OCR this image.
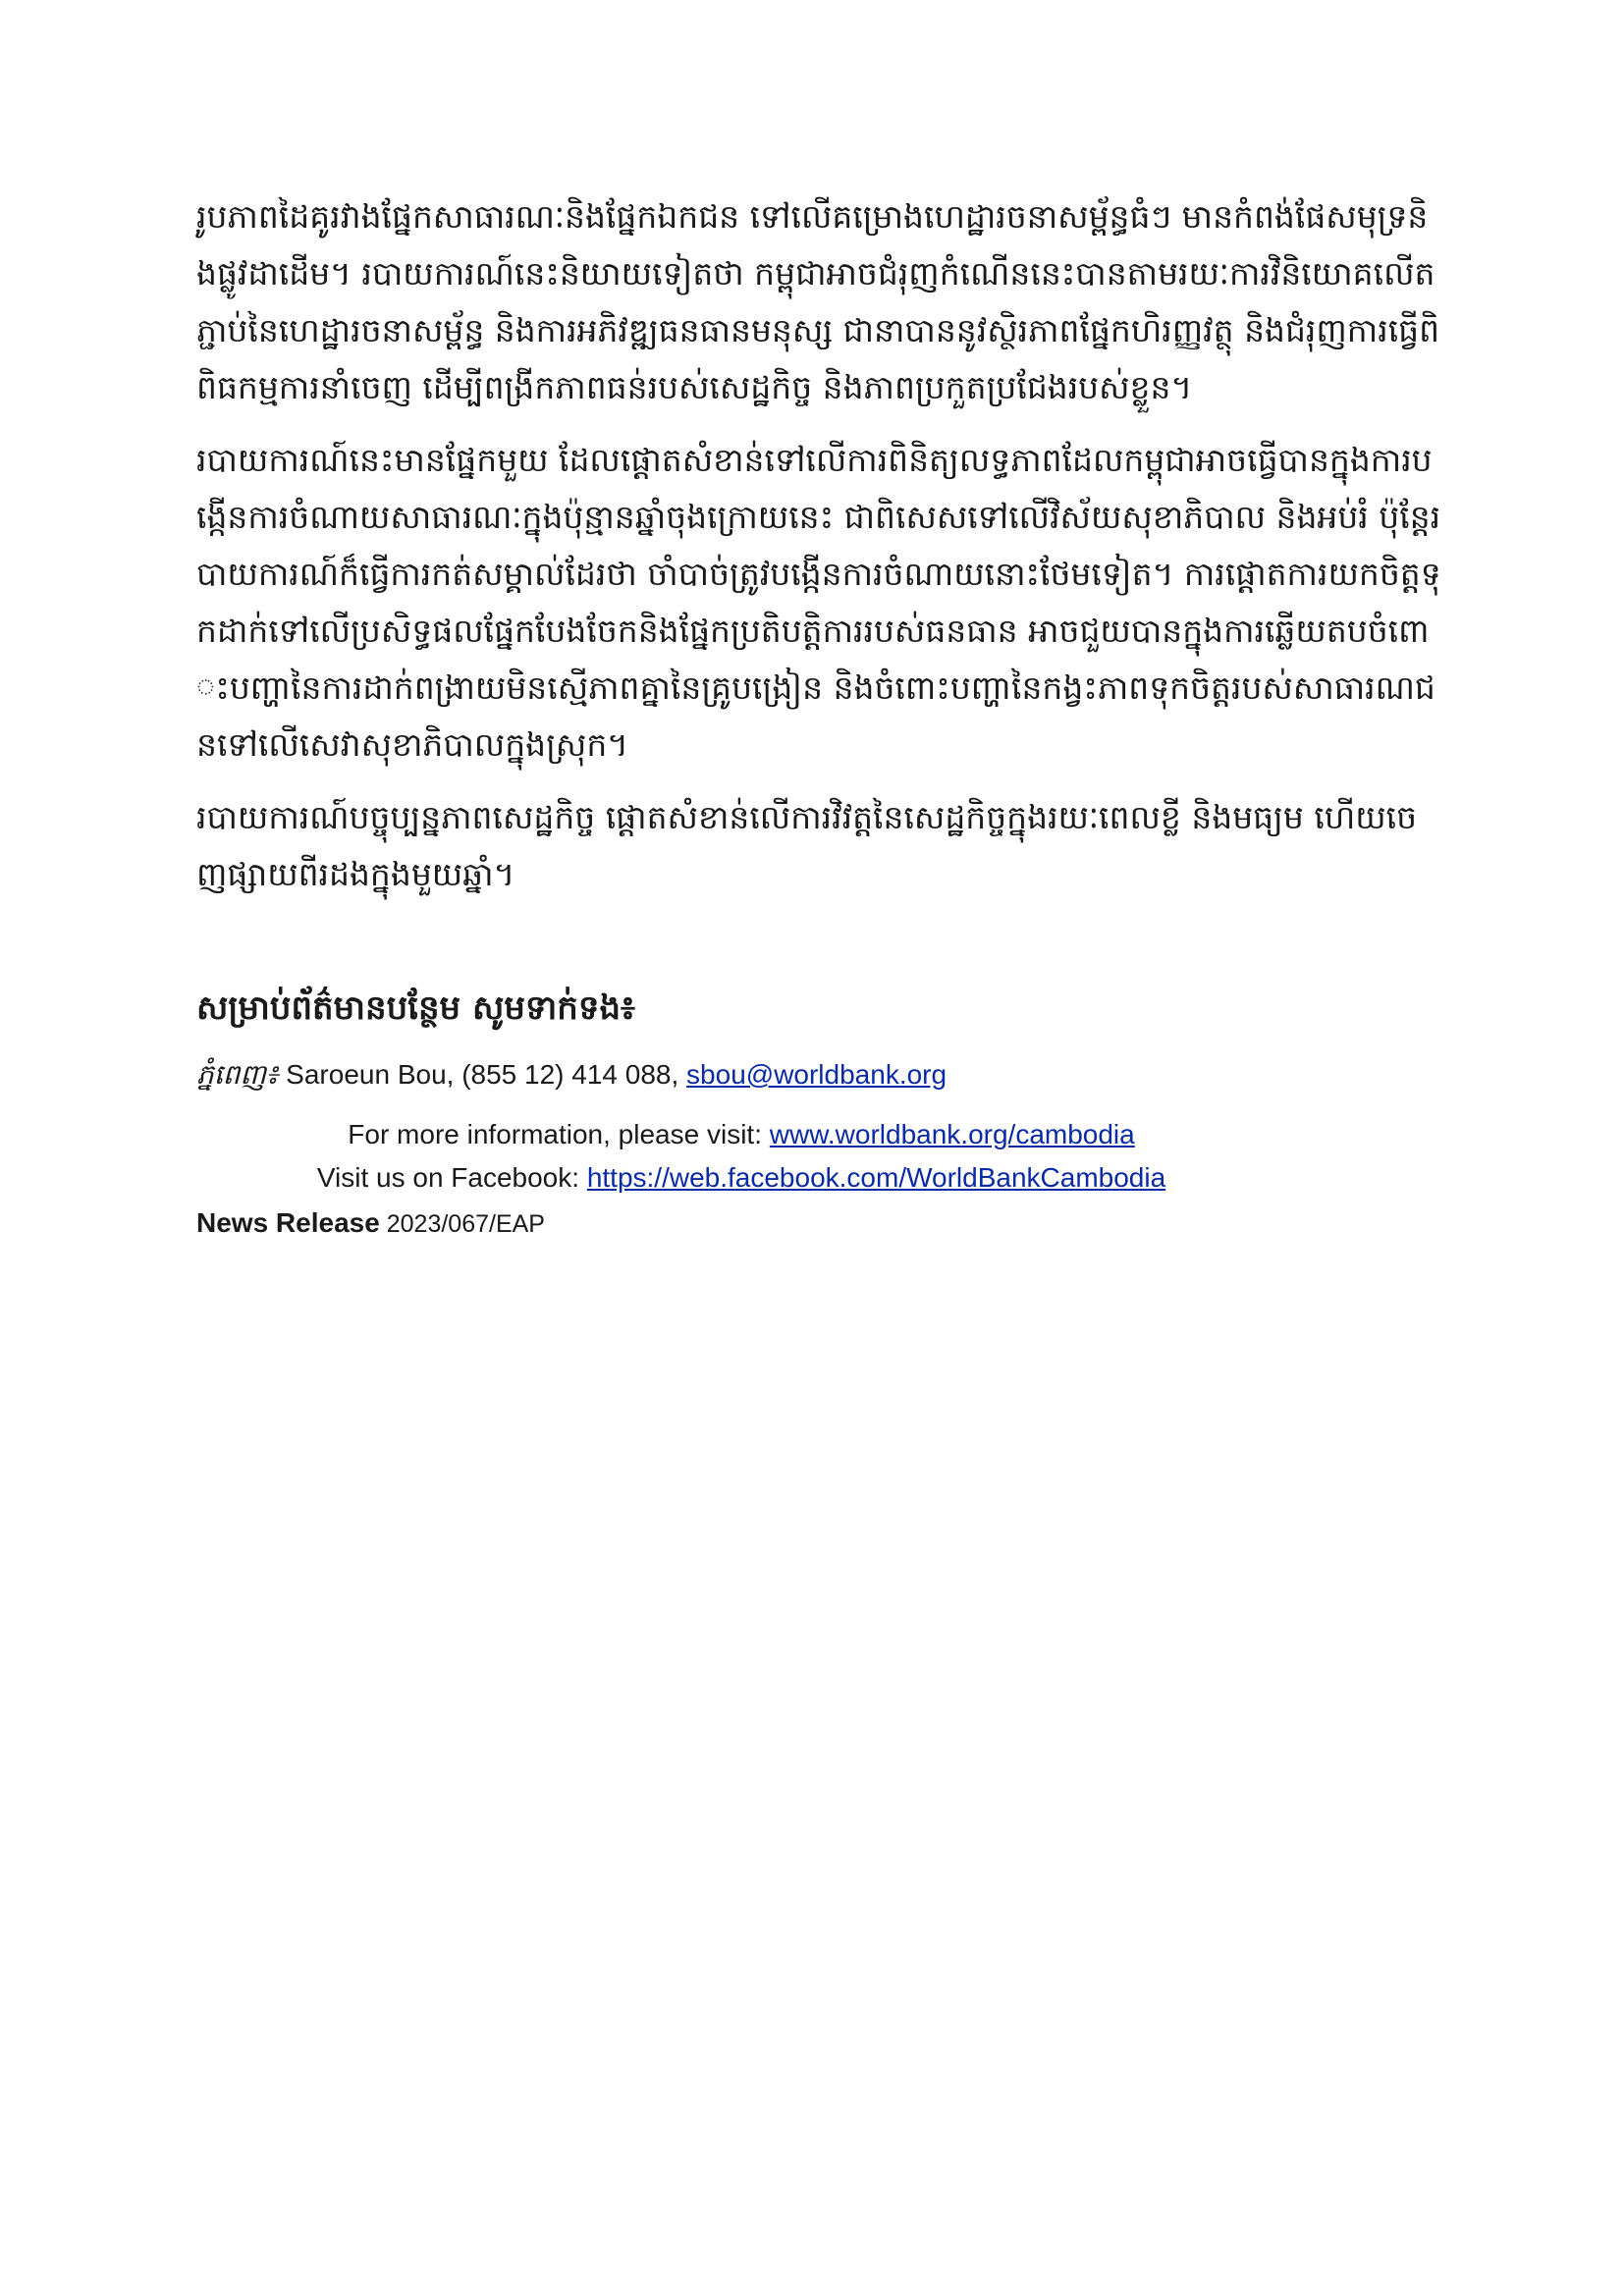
រូបភាពដៃគូរវាងផ្នែកសាធារណៈនិងផ្នែកឯកជន ទៅលើគម្រោងហេដ្ឋារចនាសម្ព័ន្ធធំៗ មានកំពង់ផែសមុទ្រនិងផ្លូវដាដើម។ របាយការណ៍នេះនិយាយទៀតថា កម្ពុជាអាចជំរុញកំណើននេះបានតាមរយៈការវិនិយោគលើតភ្ជាប់នៃហេដ្ឋារចនាសម្ព័ន្ធ និងការអភិវឌ្ឍធនធានមនុស្ស ជានាបាននូវស្ថិរភាពផ្នែកហិរញ្ញវត្ថុ និងជំរុញការធ្វើពិពិធកម្មការនាំចេញ ដើម្បីពង្រីកភាពធន់របស់សេដ្ឋកិច្ច និងភាពប្រកួតប្រជែងរបស់ខ្លួន។

របាយការណ៍នេះមានផ្នែកមួយ ដែលផ្តោតសំខាន់ទៅលើការពិនិត្យលទ្ធភាពដែលកម្ពុជាអាចធ្វើបានក្នុងការបង្កើនការចំណាយសាធារណៈក្នុងប៉ុន្មានឆ្នាំចុងក្រោយនេះ ជាពិសេសទៅលើវិស័យសុខាភិបាល និងអប់រំ ប៉ុន្តែរបាយការណ៍ក៏ធ្វើការកត់សម្គាល់ដែរថា ចាំបាច់ត្រូវបង្កើនការចំណាយនោះថែមទៀត។ ការផ្តោតការយកចិត្តទុកដាក់ទៅលើប្រសិទ្ធផលផ្នែកបែងចែកនិងផ្នែកប្រតិបត្តិការរបស់ធនធាន អាចជួយបានក្នុងការឆ្លើយតបចំពោះបញ្ហានៃការដាក់ពង្រាយមិនស្មើភាពគ្នានៃគ្រូបង្រៀន និងចំពោះបញ្ហានៃកង្វះភាពទុកចិត្តរបស់សាធារណជនទៅលើសេវាសុខាភិបាលក្នុងស្រុក។

របាយការណ៍បច្ចុប្បន្នភាពសេដ្ឋកិច្ច ផ្តោតសំខាន់លើការវិវត្តនៃសេដ្ឋកិច្ចក្នុងរយៈពេលខ្លី និងមធ្យម ហើយចេញផ្សាយពីរដងក្នុងមួយឆ្នាំ។

សម្រាប់ព័ត៌មានបន្ថែម សូមទាក់ទង៖
ភ្នំពេញ៖ Saroeun Bou, (855 12) 414 088, sbou@worldbank.org
For more information, please visit: www.worldbank.org/cambodia
Visit us on Facebook: https://web.facebook.com/WorldBankCambodia
News Release 2023/067/EAP
